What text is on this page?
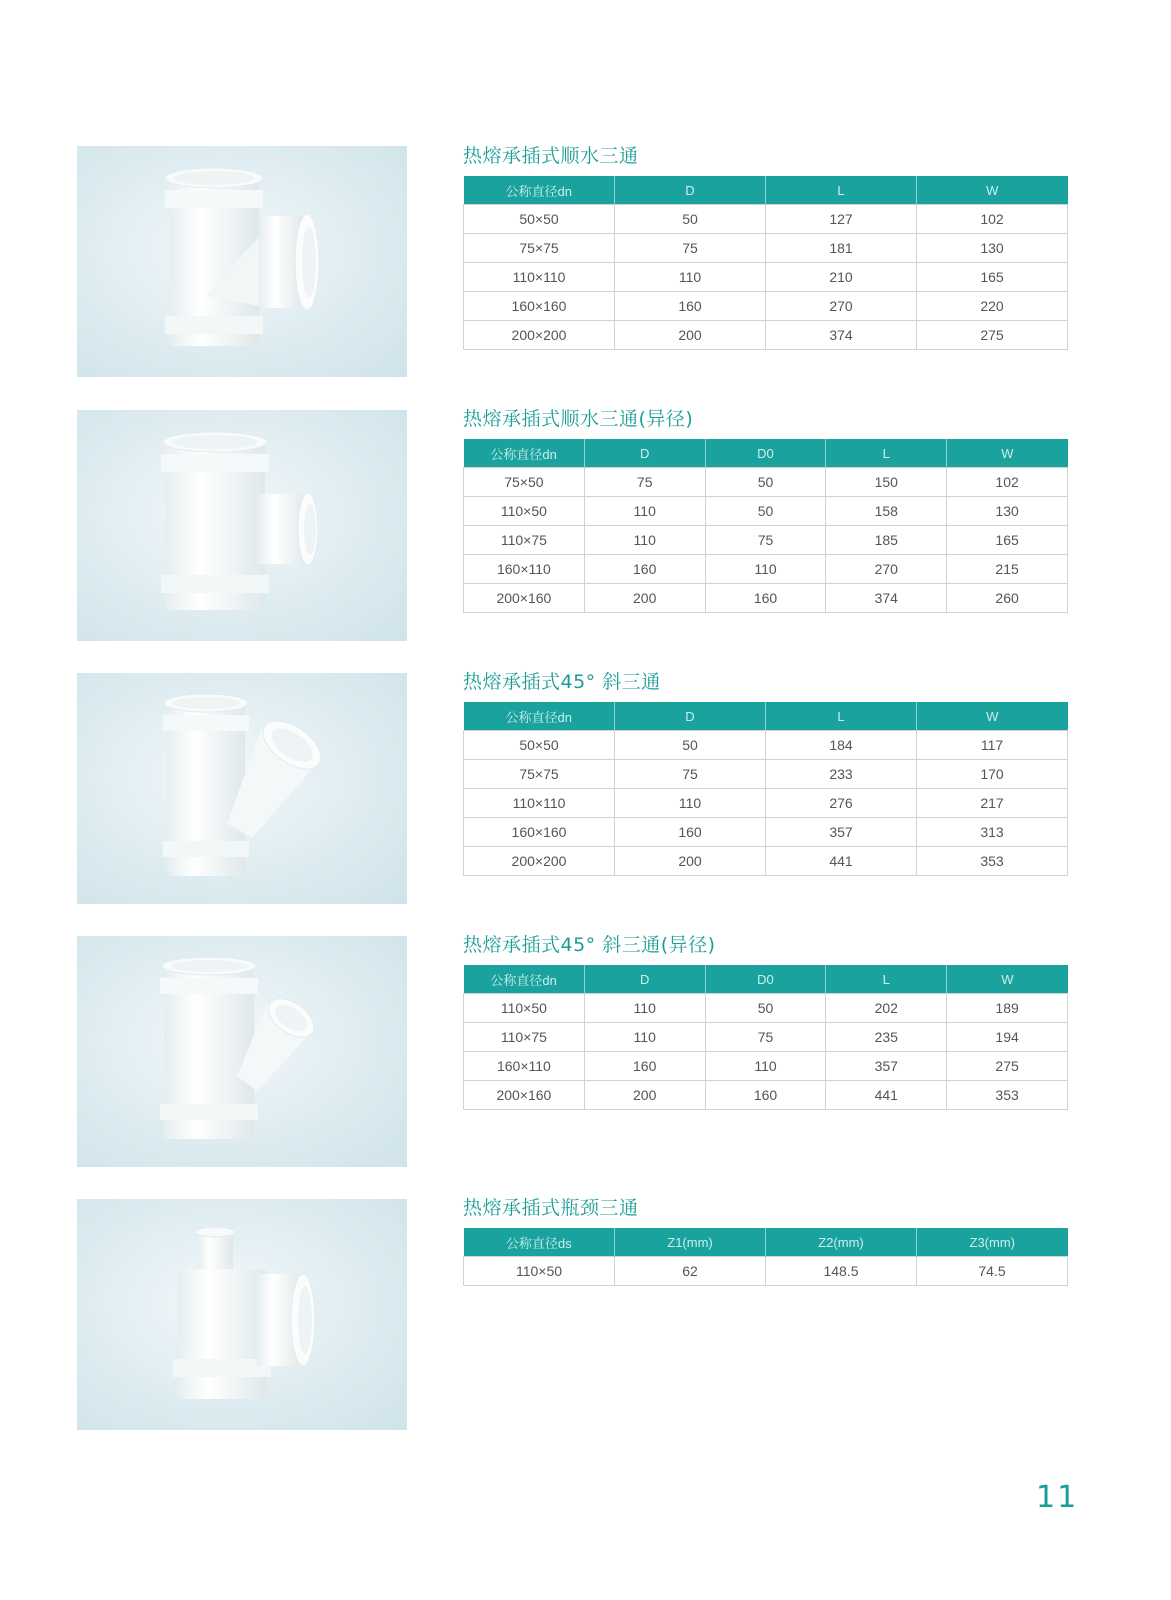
热熔承插式顺水三通
公称直径dn	D	L	W
50×50	50	127	102
75×75	75	181	130
110×110	110	210	165
160×160	160	270	220
200×200	200	374	275
热熔承插式顺水三通(异径)
公称直径dn	D	D0	L	W
75×50	75	50	150	102
110×50	110	50	158	130
110×75	110	75	185	165
160×110	160	110	270	215
200×160	200	160	374	260
热熔承插式45° 斜三通
公称直径dn	D	L	W
50×50	50	184	117
75×75	75	233	170
110×110	110	276	217
160×160	160	357	313
200×200	200	441	353
热熔承插式45° 斜三通(异径)
公称直径dn	D	D0	L	W
110×50	110	50	202	189
110×75	110	75	235	194
160×110	160	110	357	275
200×160	200	160	441	353
热熔承插式瓶颈三通
公称直径ds	Z1(mm)	Z2(mm)	Z3(mm)
110×50	62	148.5	74.5
11
